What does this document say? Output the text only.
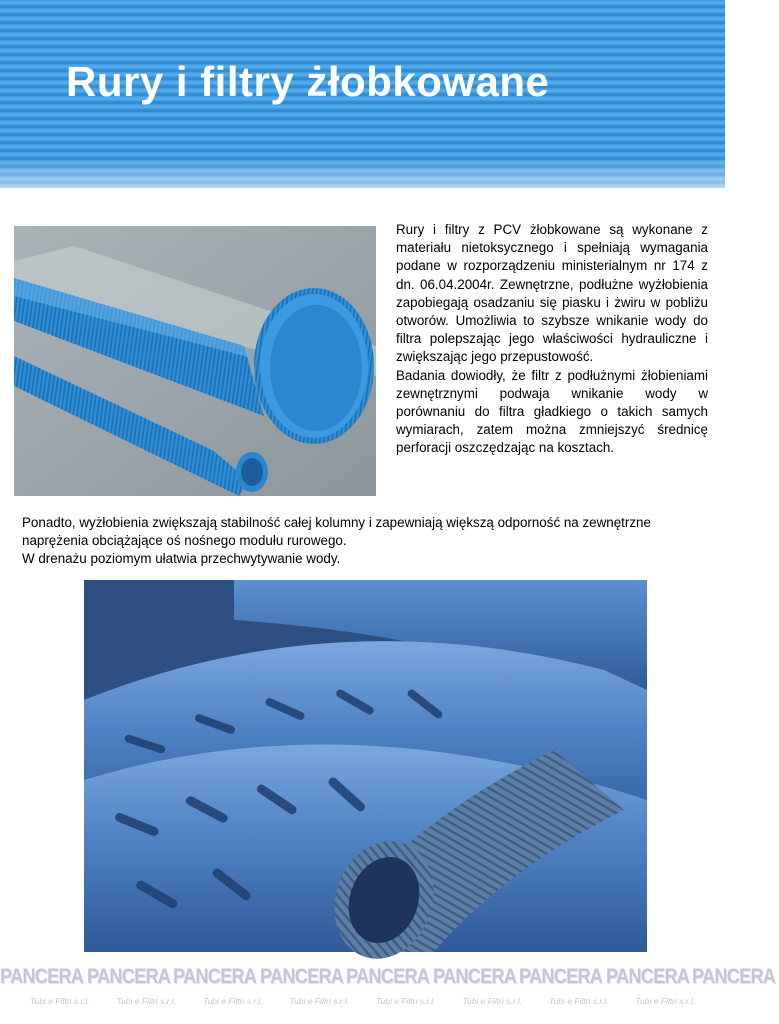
Rury i filtry żłobkowane

Rury i filtry z PCV żłobkowane są wykonane z materiału nietoksycznego i spełniają wymagania podane w rozporządzeniu ministerialnym nr 174 z dn. 06.04.2004r. Zewnętrzne, podłużne wyżłobienia zapobiegają osadzaniu się piasku i żwiru w pobliżu otworów. Umożliwia to szybsze wnikanie wody do filtra polepszając jego właściwości hydrauliczne i zwiększając jego przepustowość.

Badania dowiodły, że filtr z podłużnymi żłobieniami zewnętrznymi podwaja wnikanie wody w porównaniu do filtra gładkiego o takich samych wymiarach, zatem można zmniejszyć średnicę perforacji oszczędzając na kosztach.

Ponadto, wyżłobienia zwiększają stabilność całej kolumny i zapewniają większą odporność na zewnętrzne naprężenia obciążające oś nośnego modułu rurowego.

W drenażu poziomym ułatwia przechwytywanie wody.

PANCERA PANCERA PANCERA PANCERA PANCERA PANCERA PANCERA PANCERA PANCERA
Tubi e Filtri s.r.l.	Tubi e Filtri s.r.l.	Tubi e Filtri s.r.l.	Tubi e Filtri s.r.l.	Tubi e Filtri s.r.l.	Tubi e Filtri s.r.l.	Tubi e Filtri s.r.l.	Tubi e Filtri s.r.l.
